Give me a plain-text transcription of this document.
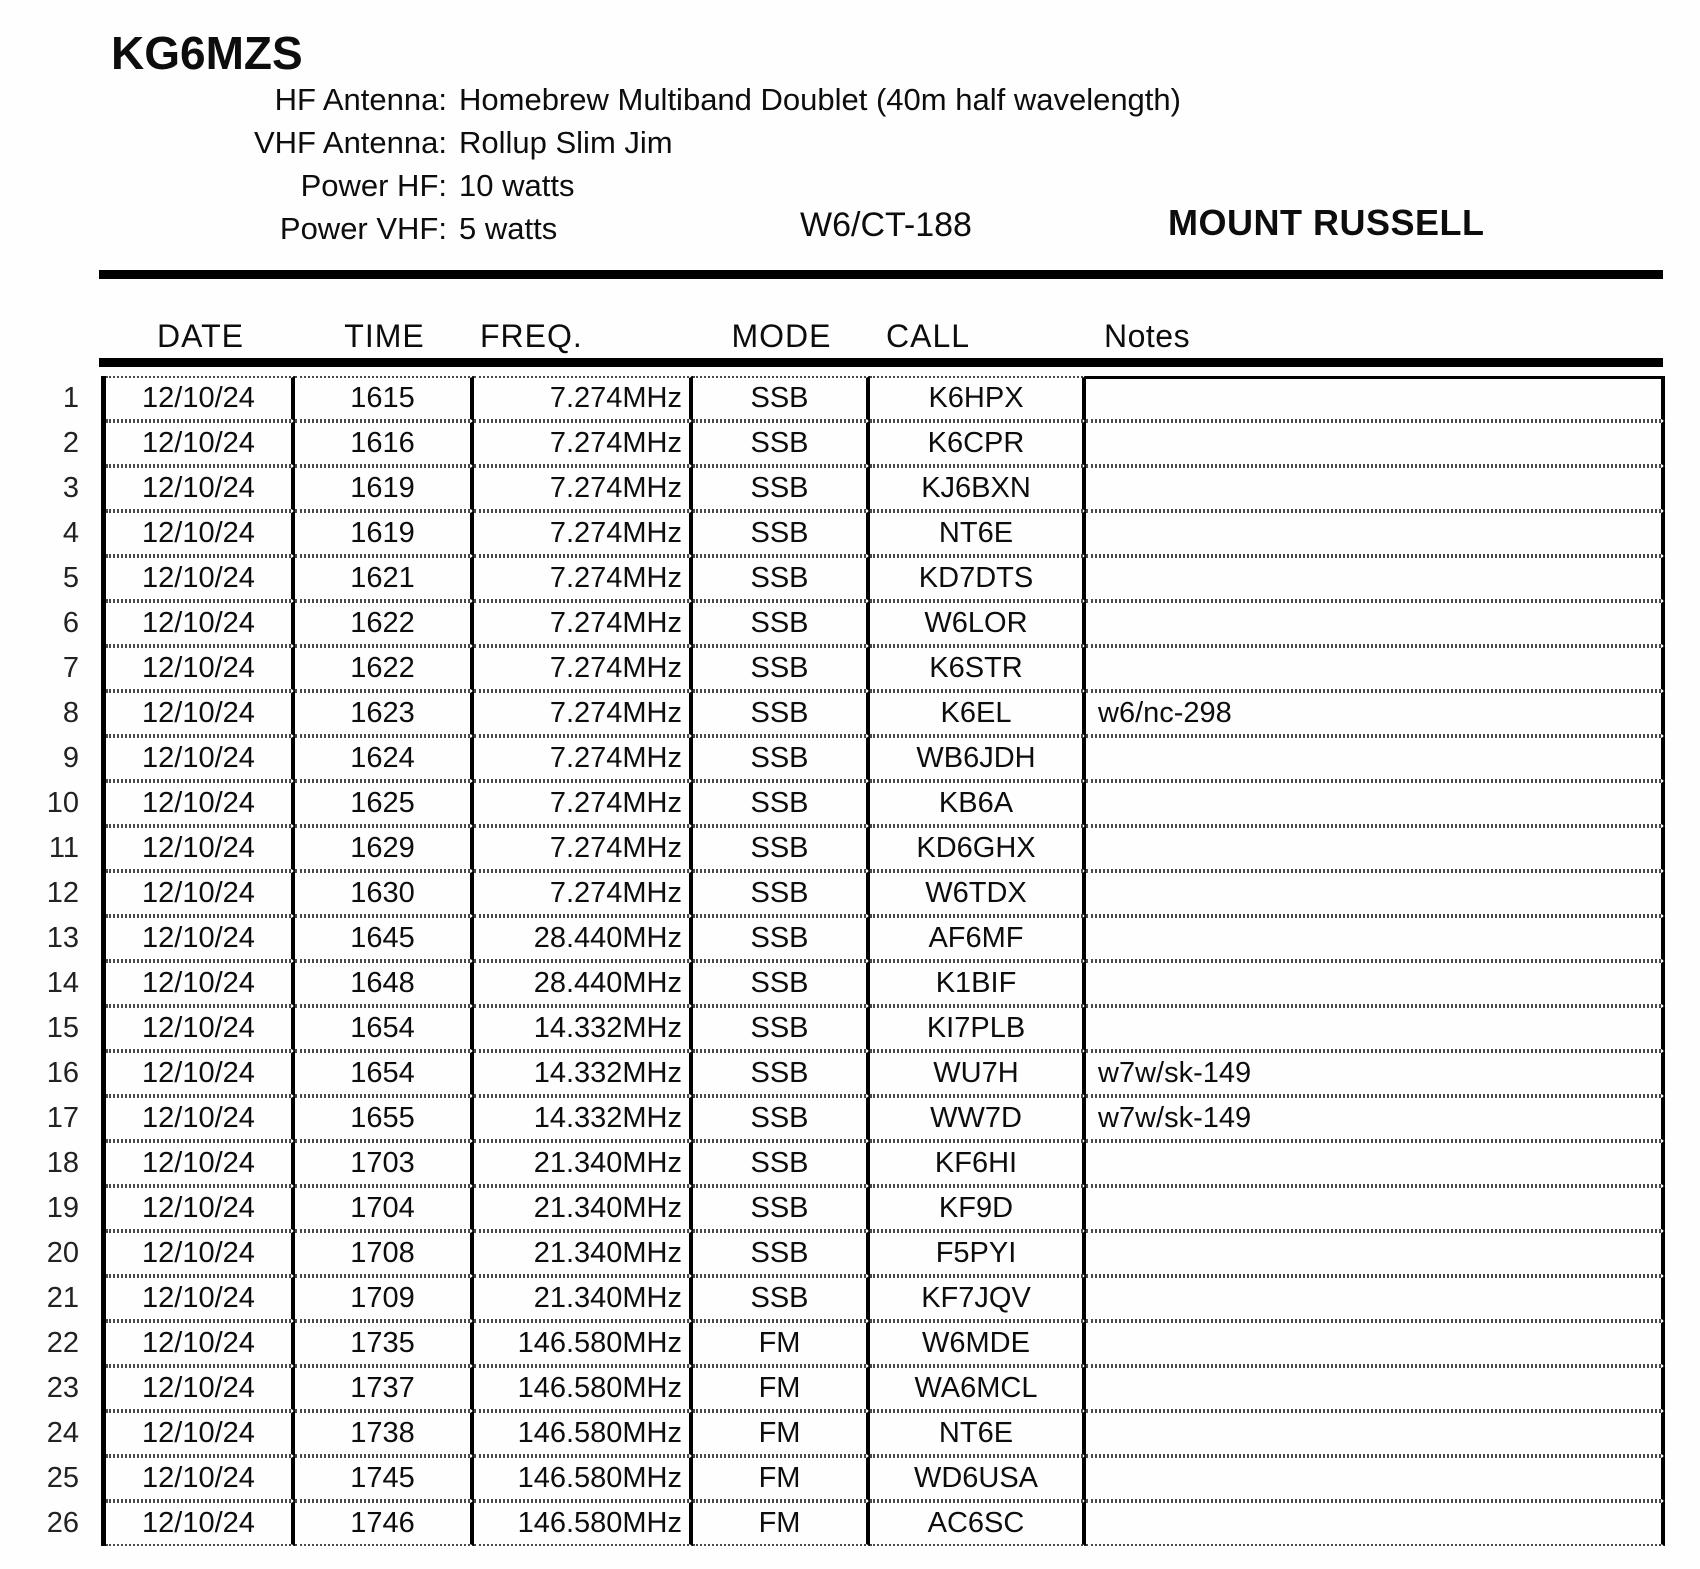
KG6MZS
HF Antenna: Homebrew Multiband Doublet (40m half wavelength)
VHF Antenna: Rollup Slim Jim
Power HF: 10 watts
Power VHF: 5 watts	W6/CT-188	MOUNT RUSSELL
DATE	TIME	FREQ.	MODE	CALL	Notes
1	12/10/24	1615	7.274MHz	SSB	K6HPX
2	12/10/24	1616	7.274MHz	SSB	K6CPR
3	12/10/24	1619	7.274MHz	SSB	KJ6BXN
4	12/10/24	1619	7.274MHz	SSB	NT6E
5	12/10/24	1621	7.274MHz	SSB	KD7DTS
6	12/10/24	1622	7.274MHz	SSB	W6LOR
7	12/10/24	1622	7.274MHz	SSB	K6STR
8	12/10/24	1623	7.274MHz	SSB	K6EL	w6/nc-298
9	12/10/24	1624	7.274MHz	SSB	WB6JDH
10	12/10/24	1625	7.274MHz	SSB	KB6A
11	12/10/24	1629	7.274MHz	SSB	KD6GHX
12	12/10/24	1630	7.274MHz	SSB	W6TDX
13	12/10/24	1645	28.440MHz	SSB	AF6MF
14	12/10/24	1648	28.440MHz	SSB	K1BIF
15	12/10/24	1654	14.332MHz	SSB	KI7PLB
16	12/10/24	1654	14.332MHz	SSB	WU7H	w7w/sk-149
17	12/10/24	1655	14.332MHz	SSB	WW7D	w7w/sk-149
18	12/10/24	1703	21.340MHz	SSB	KF6HI
19	12/10/24	1704	21.340MHz	SSB	KF9D
20	12/10/24	1708	21.340MHz	SSB	F5PYI
21	12/10/24	1709	21.340MHz	SSB	KF7JQV
22	12/10/24	1735	146.580MHz	FM	W6MDE
23	12/10/24	1737	146.580MHz	FM	WA6MCL
24	12/10/24	1738	146.580MHz	FM	NT6E
25	12/10/24	1745	146.580MHz	FM	WD6USA
26	12/10/24	1746	146.580MHz	FM	AC6SC
